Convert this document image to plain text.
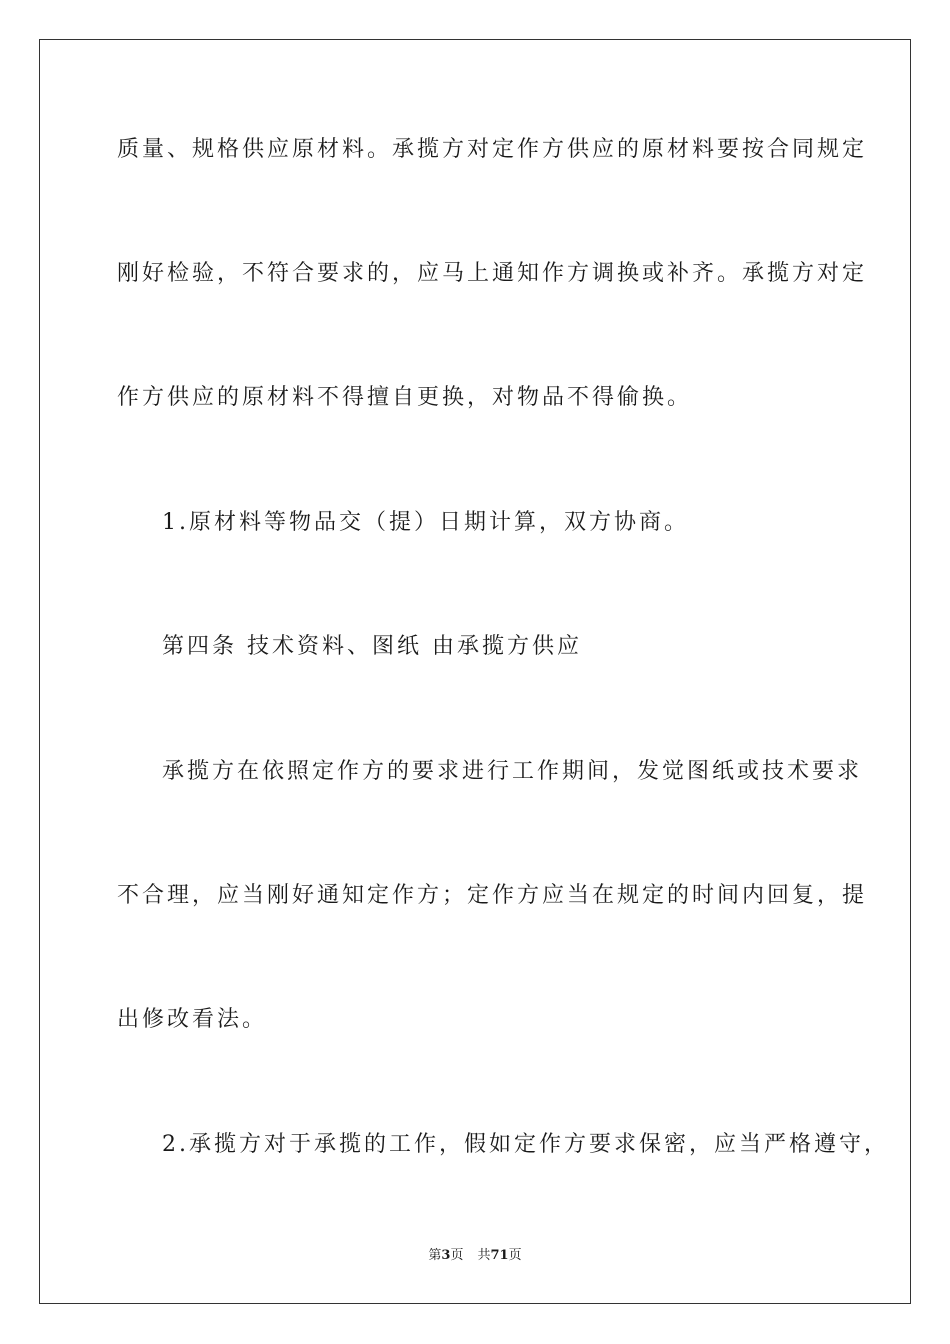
质量、规格供应原材料。承揽方对定作方供应的原材料要按合同规定
刚好检验，不符合要求的，应马上通知作方调换或补齐。承揽方对定
作方供应的原材料不得擅自更换，对物品不得偷换。
1.原材料等物品交（提）日期计算，双方协商。
第四条 技术资料、图纸 由承揽方供应
承揽方在依照定作方的要求进行工作期间，发觉图纸或技术要求
不合理，应当刚好通知定作方；定作方应当在规定的时间内回复，提
出修改看法。
2.承揽方对于承揽的工作，假如定作方要求保密，应当严格遵守，
第3页 共71页
